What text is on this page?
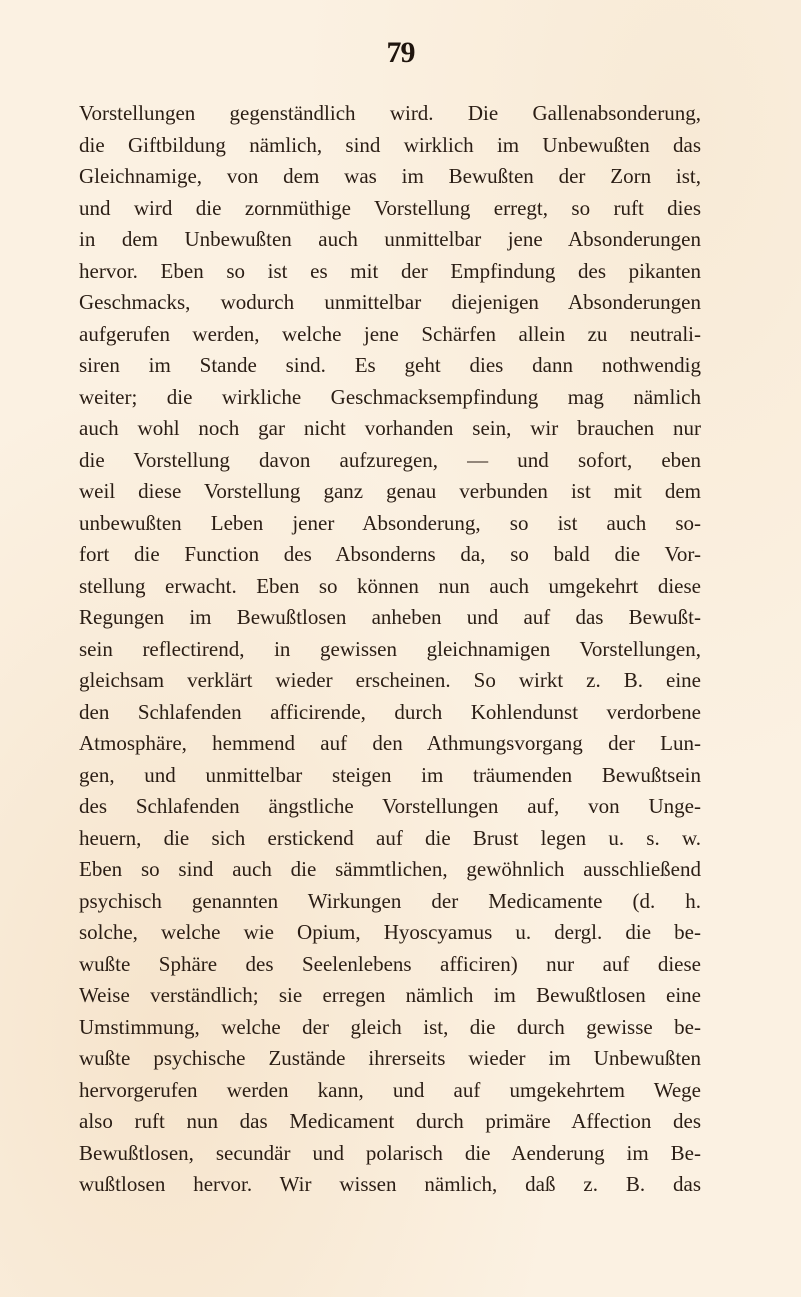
79
Vorstellungen gegenständlich wird. Die Gallenabsonderung,
die Giftbildung nämlich, sind wirklich im Unbewußten das
Gleichnamige, von dem was im Bewußten der Zorn ist,
und wird die zornmüthige Vorstellung erregt, so ruft dies
in dem Unbewußten auch unmittelbar jene Absonderungen
hervor. Eben so ist es mit der Empfindung des pikanten
Geschmacks, wodurch unmittelbar diejenigen Absonderungen
aufgerufen werden, welche jene Schärfen allein zu neutrali-
siren im Stande sind. Es geht dies dann nothwendig
weiter; die wirkliche Geschmacksempfindung mag nämlich
auch wohl noch gar nicht vorhanden sein, wir brauchen nur
die Vorstellung davon aufzuregen, — und sofort, eben
weil diese Vorstellung ganz genau verbunden ist mit dem
unbewußten Leben jener Absonderung, so ist auch so-
fort die Function des Absonderns da, so bald die Vor-
stellung erwacht. Eben so können nun auch umgekehrt diese
Regungen im Bewußtlosen anheben und auf das Bewußt-
sein reflectirend, in gewissen gleichnamigen Vorstellungen,
gleichsam verklärt wieder erscheinen. So wirkt z. B. eine
den Schlafenden afficirende, durch Kohlendunst verdorbene
Atmosphäre, hemmend auf den Athmungsvorgang der Lun-
gen, und unmittelbar steigen im träumenden Bewußtsein
des Schlafenden ängstliche Vorstellungen auf, von Unge-
heuern, die sich erstickend auf die Brust legen u. s. w.
Eben so sind auch die sämmtlichen, gewöhnlich ausschließend
psychisch genannten Wirkungen der Medicamente (d. h.
solche, welche wie Opium, Hyoscyamus u. dergl. die be-
wußte Sphäre des Seelenlebens afficiren) nur auf diese
Weise verständlich; sie erregen nämlich im Bewußtlosen eine
Umstimmung, welche der gleich ist, die durch gewisse be-
wußte psychische Zustände ihrerseits wieder im Unbewußten
hervorgerufen werden kann, und auf umgekehrtem Wege
also ruft nun das Medicament durch primäre Affection des
Bewußtlosen, secundär und polarisch die Aenderung im Be-
wußtlosen hervor. Wir wissen nämlich, daß z. B. das
